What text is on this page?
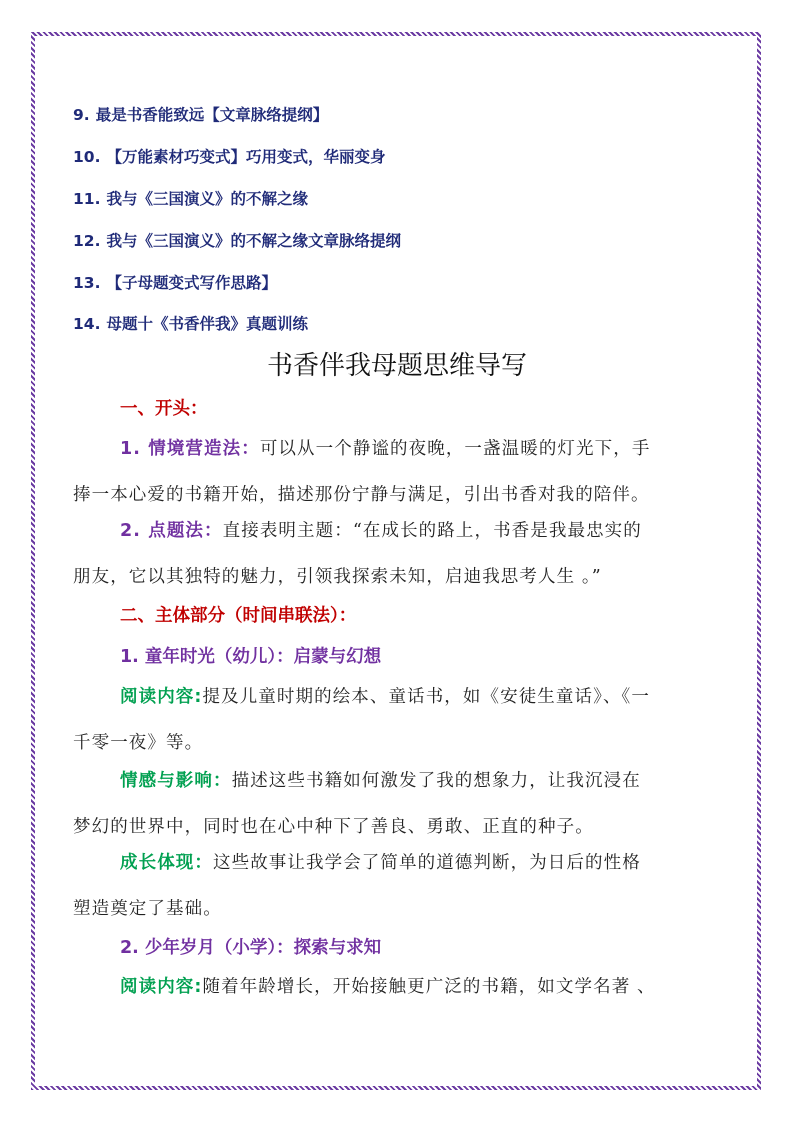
9. 最是书香能致远【文章脉络提纲】
10. 【万能素材巧变式】巧用变式，华丽变身
11. 我与《三国演义》的不解之缘
12. 我与《三国演义》的不解之缘文章脉络提纲
13. 【子母题变式写作思路】
14. 母题十《书香伴我》真题训练
书香伴我母题思维导写
一、开头：
1. 情境营造法：可以从一个静谧的夜晚，一盏温暖的灯光下，手
捧一本心爱的书籍开始，描述那份宁静与满足，引出书香对我的陪伴。
2. 点题法：直接表明主题：“在成长的路上，书香是我最忠实的
朋友，它以其独特的魅力，引领我探索未知，启迪我思考人生 。”
二、主体部分（时间串联法）：
1. 童年时光（幼儿）：启蒙与幻想
阅读内容:提及儿童时期的绘本、童话书，如《安徒生童话》、《一
千零一夜》等。
情感与影响：描述这些书籍如何激发了我的想象力，让我沉浸在
梦幻的世界中，同时也在心中种下了善良、勇敢、正直的种子。
成长体现：这些故事让我学会了简单的道德判断，为日后的性格
塑造奠定了基础。
2. 少年岁月（小学）：探索与求知
阅读内容:随着年龄增长，开始接触更广泛的书籍，如文学名著 、
